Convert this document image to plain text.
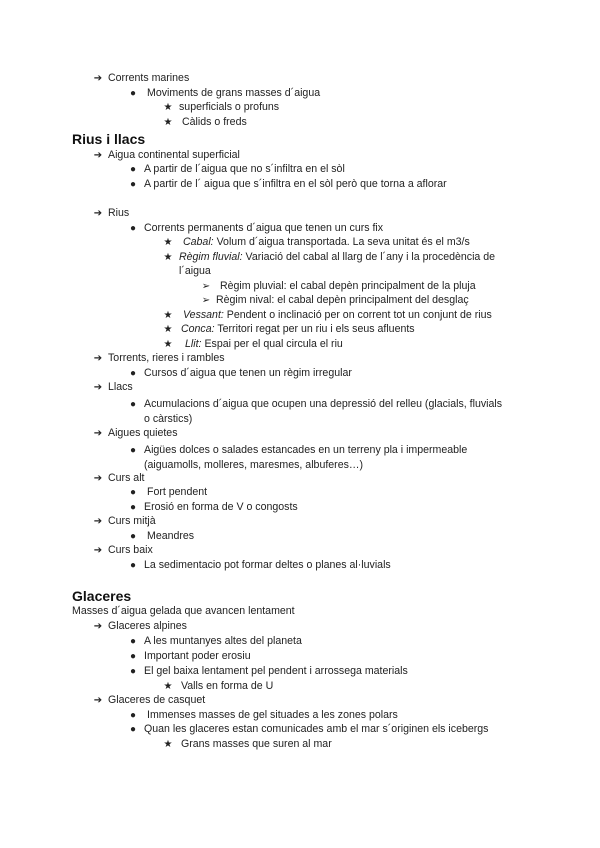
➔ Corrents marines
●	Moviments de grans masses d´aigua
★ superficials o profuns
★ Càlids o freds
Rius i llacs
➔ Aigua continental superficial
● A partir de l´aigua que no s´infiltra en el sòl
● A partir de l´ aigua que s´infiltra en el sòl però que torna a aflorar
➔ Rius
● Corrents permanents d´aigua que tenen un curs fix
★ Cabal: Volum d´aigua transportada. La seva unitat és el m3/s
★ Règim fluvial: Variació del cabal al llarg de l´any i la procedència de
l´aigua
➢ Règim pluvial: el cabal depèn principalment de la pluja
➢ Règim nival: el cabal depèn principalment del desglaç
★ Vessant: Pendent o inclinació per on corrent tot un conjunt de rius
★ Conca: Territori regat per un riu i els seus afluents
★ Llit: Espai per el qual circula el riu
➔ Torrents, rieres i rambles
● Cursos d´aigua que tenen un règim irregular
➔ Llacs
● Acumulacions d´aigua que ocupen una depressió del relleu (glacials, fluvials
o càrstics)
➔ Aigues quietes
● Aigües dolces o salades estancades en un terreny pla i impermeable
(aiguamolls, molleres, maresmes, albuferes…)
➔ Curs alt
●	Fort pendent
● Erosió en forma de V o congosts
➔ Curs mitjà
●	Meandres
➔ Curs baix
● La sedimentacio pot formar deltes o planes al·luvials
Glaceres
Masses d´aigua gelada que avancen lentament
➔ Glaceres alpines
● A les muntanyes altes del planeta
● Important poder erosiu
● El gel baixa lentament pel pendent i arrossega materials
★ Valls en forma de U
➔ Glaceres de casquet
●	Immenses masses de gel situades a les zones polars
● Quan les glaceres estan comunicades amb el mar s´originen els icebergs
★ Grans masses que suren al mar
